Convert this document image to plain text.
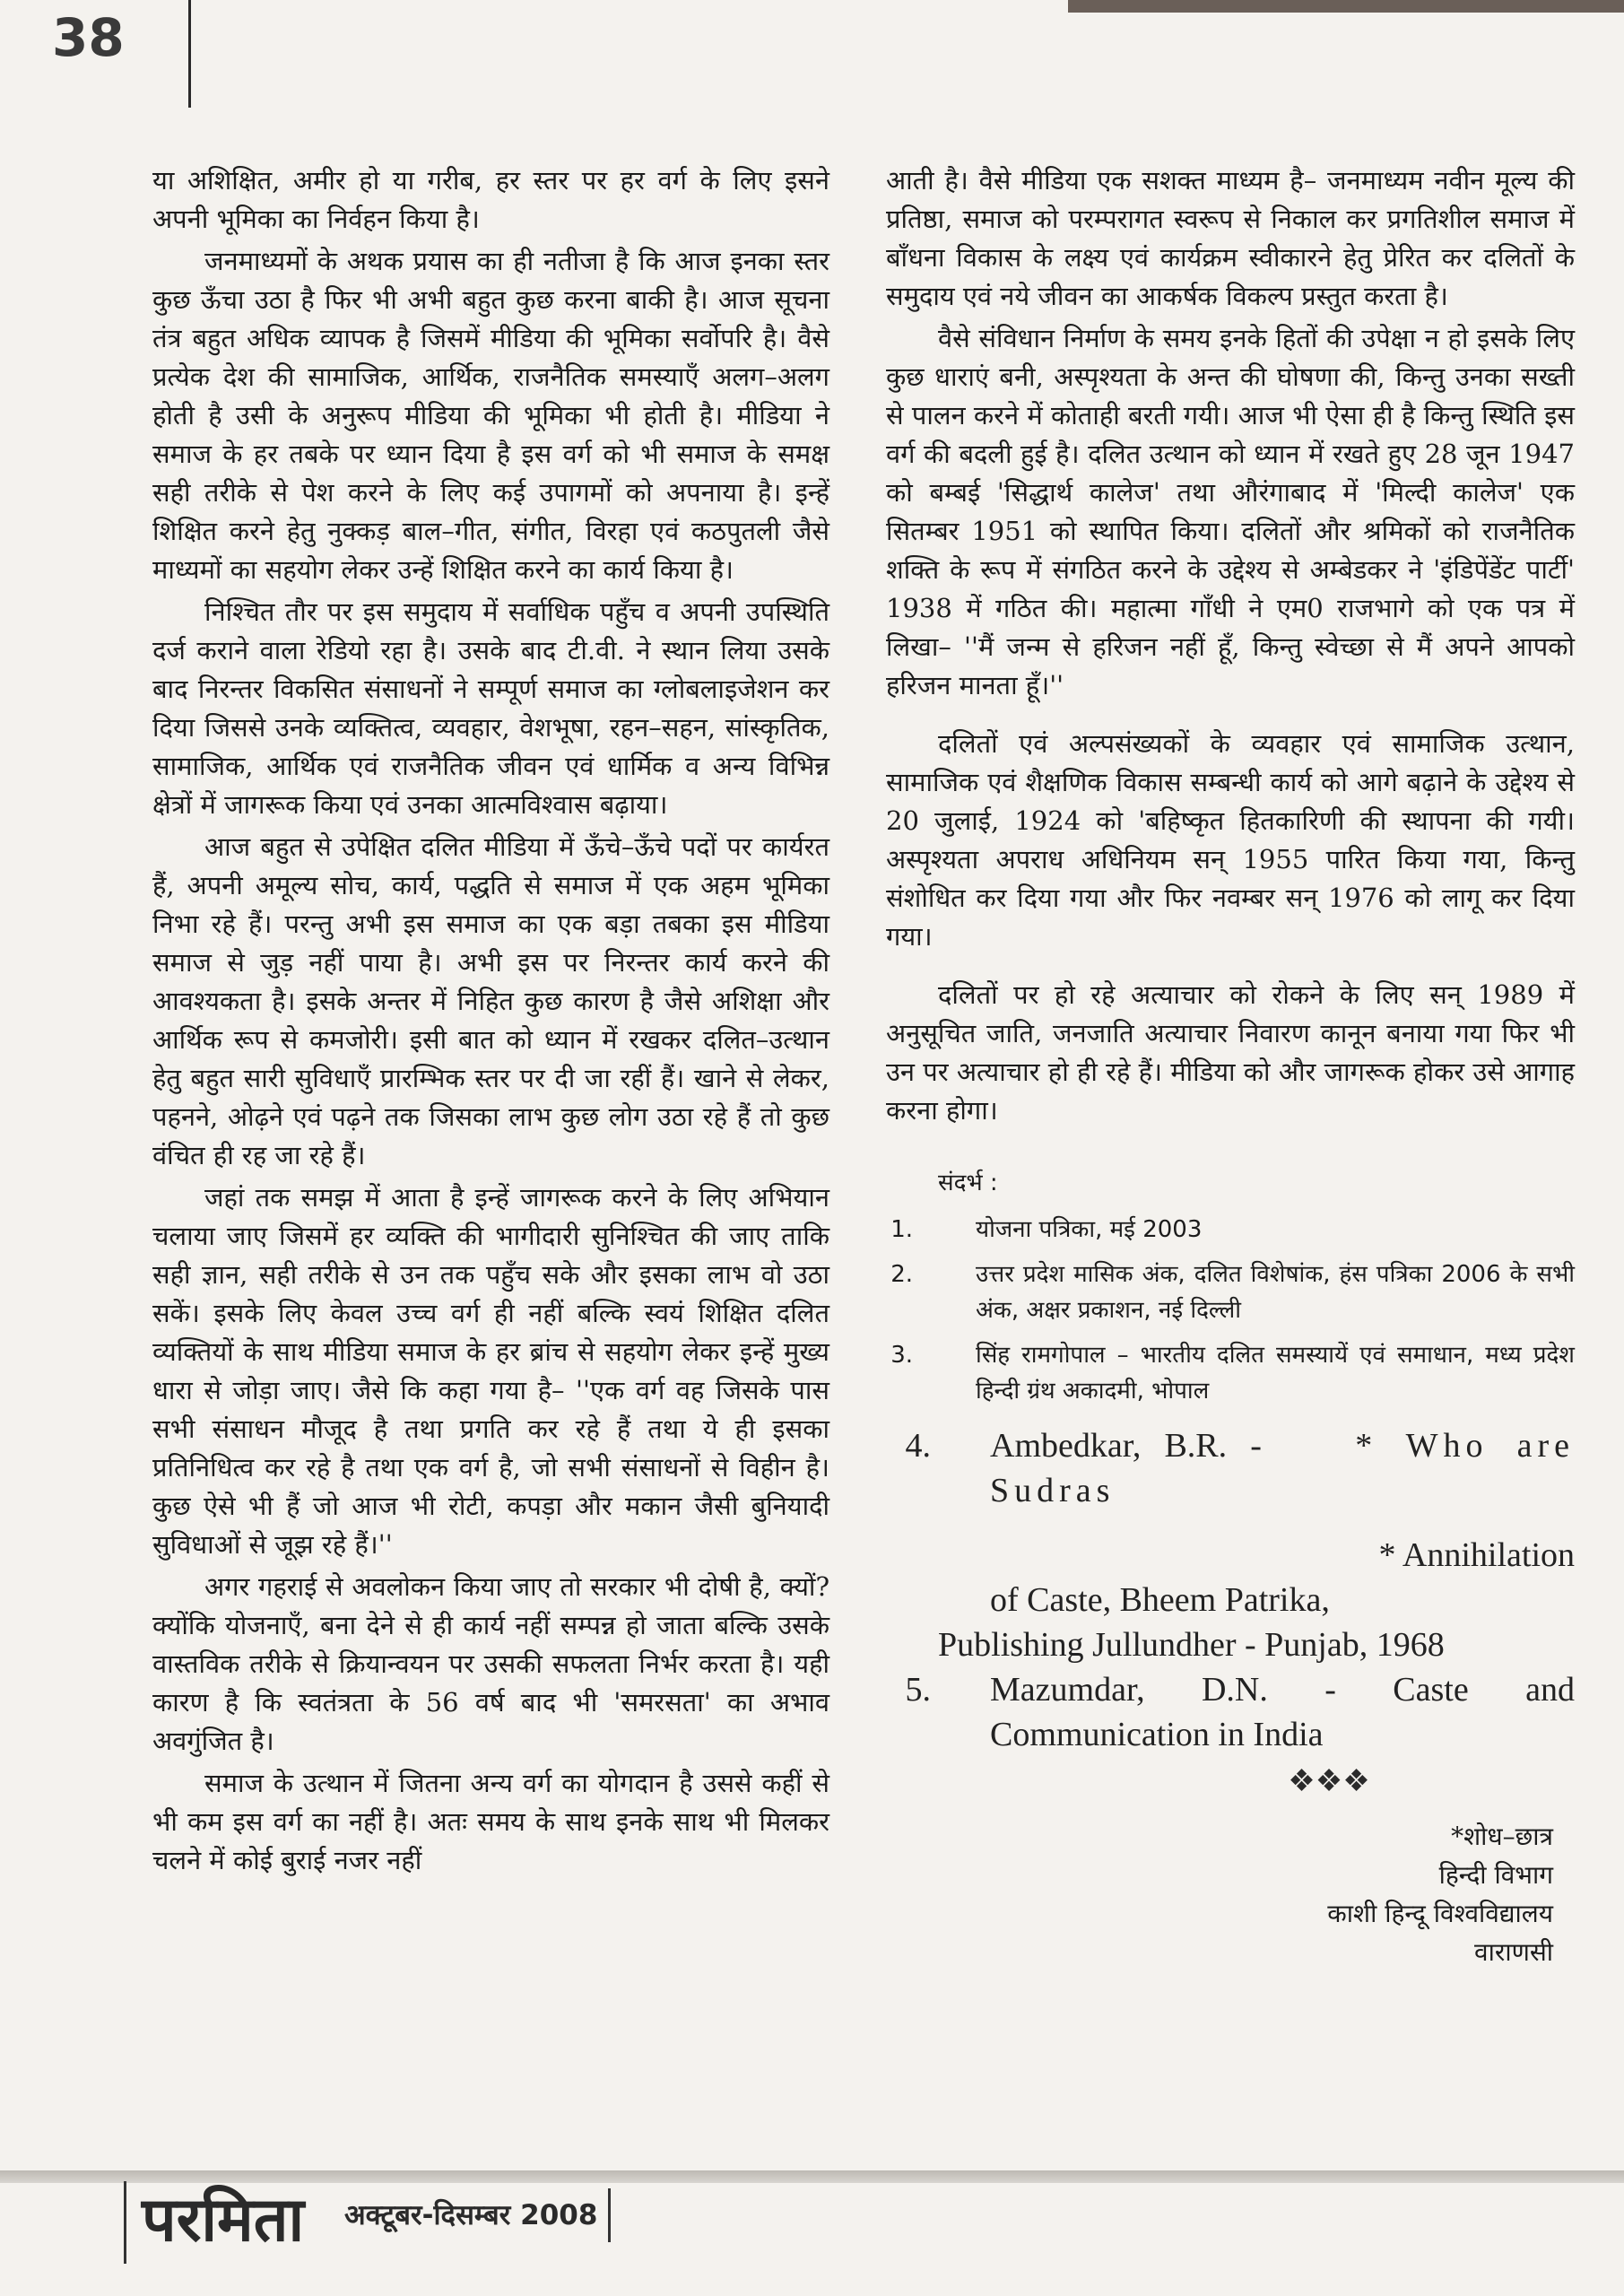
38

या अशिक्षित, अमीर हो या गरीब, हर स्तर पर हर वर्ग के लिए इसने अपनी भूमिका का निर्वहन किया है।

जनमाध्यमों के अथक प्रयास का ही नतीजा है कि आज इनका स्तर कुछ ऊँचा उठा है फिर भी अभी बहुत कुछ करना बाकी है। आज सूचना तंत्र बहुत अधिक व्यापक है जिसमें मीडिया की भूमिका सर्वोपरि है। वैसे प्रत्येक देश की सामाजिक, आर्थिक, राजनैतिक समस्याएँ अलग–अलग होती है उसी के अनुरूप मीडिया की भूमिका भी होती है। मीडिया ने समाज के हर तबके पर ध्यान दिया है इस वर्ग को भी समाज के समक्ष सही तरीके से पेश करने के लिए कई उपागमों को अपनाया है। इन्हें शिक्षित करने हेतु नुक्कड़ बाल–गीत, संगीत, विरहा एवं कठपुतली जैसे माध्यमों का सहयोग लेकर उन्हें शिक्षित करने का कार्य किया है।

निश्चित तौर पर इस समुदाय में सर्वाधिक पहुँच व अपनी उपस्थिति दर्ज कराने वाला रेडियो रहा है। उसके बाद टी.वी. ने स्थान लिया उसके बाद निरन्तर विकसित संसाधनों ने सम्पूर्ण समाज का ग्लोबलाइजेशन कर दिया जिससे उनके व्यक्तित्व, व्यवहार, वेशभूषा, रहन–सहन, सांस्कृतिक, सामाजिक, आर्थिक एवं राजनैतिक जीवन एवं धार्मिक व अन्य विभिन्न क्षेत्रों में जागरूक किया एवं उनका आत्मविश्वास बढ़ाया।

आज बहुत से उपेक्षित दलित मीडिया में ऊँचे–ऊँचे पदों पर कार्यरत हैं, अपनी अमूल्य सोच, कार्य, पद्धति से समाज में एक अहम भूमिका निभा रहे हैं। परन्तु अभी इस समाज का एक बड़ा तबका इस मीडिया समाज से जुड़ नहीं पाया है। अभी इस पर निरन्तर कार्य करने की आवश्यकता है। इसके अन्तर में निहित कुछ कारण है जैसे अशिक्षा और आर्थिक रूप से कमजोरी। इसी बात को ध्यान में रखकर दलित–उत्थान हेतु बहुत सारी सुविधाएँ प्रारम्भिक स्तर पर दी जा रहीं हैं। खाने से लेकर, पहनने, ओढ़ने एवं पढ़ने तक जिसका लाभ कुछ लोग उठा रहे हैं तो कुछ वंचित ही रह जा रहे हैं।

जहां तक समझ में आता है इन्हें जागरूक करने के लिए अभियान चलाया जाए जिसमें हर व्यक्ति की भागीदारी सुनिश्चित की जाए ताकि सही ज्ञान, सही तरीके से उन तक पहुँच सके और इसका लाभ वो उठा सकें। इसके लिए केवल उच्च वर्ग ही नहीं बल्कि स्वयं शिक्षित दलित व्यक्तियों के साथ मीडिया समाज के हर ब्रांच से सहयोग लेकर इन्हें मुख्य धारा से जोड़ा जाए। जैसे कि कहा गया है– ''एक वर्ग वह जिसके पास सभी संसाधन मौजूद है तथा प्रगति कर रहे हैं तथा ये ही इसका प्रतिनिधित्व कर रहे है तथा एक वर्ग है, जो सभी संसाधनों से विहीन है। कुछ ऐसे भी हैं जो आज भी रोटी, कपड़ा और मकान जैसी बुनियादी सुविधाओं से जूझ रहे हैं।''

अगर गहराई से अवलोकन किया जाए तो सरकार भी दोषी है, क्यों? क्योंकि योजनाएँ, बना देने से ही कार्य नहीं सम्पन्न हो जाता बल्कि उसके वास्तविक तरीके से क्रियान्वयन पर उसकी सफलता निर्भर करता है। यही कारण है कि स्वतंत्रता के 56 वर्ष बाद भी 'समरसता' का अभाव अवगुंजित है।

समाज के उत्थान में जितना अन्य वर्ग का योगदान है उससे कहीं से भी कम इस वर्ग का नहीं है। अतः समय के साथ इनके साथ भी मिलकर चलने में कोई बुराई नजर नहीं

आती है। वैसे मीडिया एक सशक्त माध्यम है– जनमाध्यम नवीन मूल्य की प्रतिष्ठा, समाज को परम्परागत स्वरूप से निकाल कर प्रगतिशील समाज में बाँधना विकास के लक्ष्य एवं कार्यक्रम स्वीकारने हेतु प्रेरित कर दलितों के समुदाय एवं नये जीवन का आकर्षक विकल्प प्रस्तुत करता है।

वैसे संविधान निर्माण के समय इनके हितों की उपेक्षा न हो इसके लिए कुछ धाराएं बनी, अस्पृश्यता के अन्त की घोषणा की, किन्तु उनका सख्ती से पालन करने में कोताही बरती गयी। आज भी ऐसा ही है किन्तु स्थिति इस वर्ग की बदली हुई है। दलित उत्थान को ध्यान में रखते हुए 28 जून 1947 को बम्बई 'सिद्धार्थ कालेज' तथा औरंगाबाद में 'मिल्दी कालेज' एक सितम्बर 1951 को स्थापित किया। दलितों और श्रमिकों को राजनैतिक शक्ति के रूप में संगठित करने के उद्देश्य से अम्बेडकर ने 'इंडिपेंडेंट पार्टी' 1938 में गठित की। महात्मा गाँधी ने एम0 राजभागे को एक पत्र में लिखा– ''मैं जन्म से हरिजन नहीं हूँ, किन्तु स्वेच्छा से मैं अपने आपको हरिजन मानता हूँ।''

दलितों एवं अल्पसंख्यकों के व्यवहार एवं सामाजिक उत्थान, सामाजिक एवं शैक्षणिक विकास सम्बन्धी कार्य को आगे बढ़ाने के उद्देश्य से 20 जुलाई, 1924 को 'बहिष्कृत हितकारिणी की स्थापना की गयी। अस्पृश्यता अपराध अधिनियम सन् 1955 पारित किया गया, किन्तु संशोधित कर दिया गया और फिर नवम्बर सन् 1976 को लागू कर दिया गया।

दलितों पर हो रहे अत्याचार को रोकने के लिए सन् 1989 में अनुसूचित जाति, जनजाति अत्याचार निवारण कानून बनाया गया फिर भी उन पर अत्याचार हो ही रहे हैं। मीडिया को और जागरूक होकर उसे आगाह करना होगा।

संदर्भ :

1.	योजना पत्रिका, मई 2003
2.	उत्तर प्रदेश मासिक अंक, दलित विशेषांक, हंस पत्रिका 2006 के सभी अंक, अक्षर प्रकाशन, नई दिल्ली
3.	सिंह रामगोपाल – भारतीय दलित समस्यायें एवं समाधान, मध्य प्रदेश हिन्दी ग्रंथ अकादमी, भोपाल
4.	Ambedkar, B.R. -	* Who are Sudras
* Annihilation
of Caste, Bheem Patrika,
Publishing Jullundher - Punjab, 1968
5.	Mazumdar, D.N. - Caste and Communication in India
❖❖❖
*शोध–छात्र
हिन्दी विभाग
काशी हिन्दू विश्वविद्यालय
वाराणसी
परमिता अक्टूबर-दिसम्बर 2008
